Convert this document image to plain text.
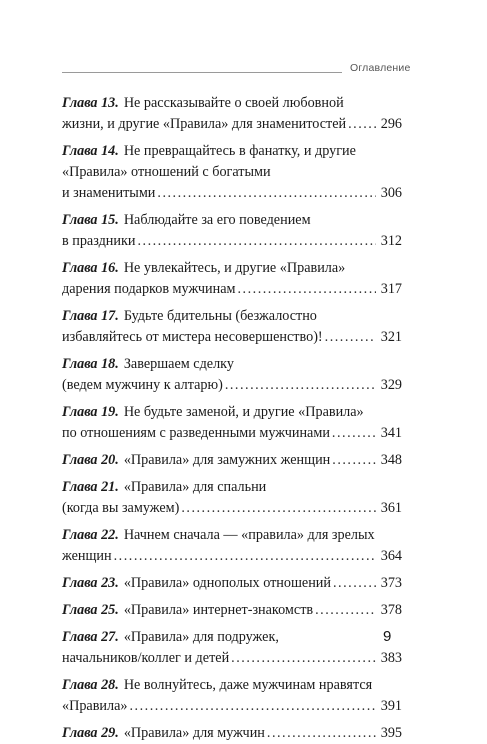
Оглавление
Глава 13. Не рассказывайте о своей любовной
жизни, и другие «Правила» для знаменитостей ..... 296
Глава 14. Не превращайтесь в фанатку, и другие
«Правила» отношений с богатыми
и знаменитыми .....	306
Глава 15. Наблюдайте за его поведением
в праздники .....	312
Глава 16. Не увлекайтесь, и другие «Правила»
дарения подарков мужчинам .....	317
Глава 17. Будьте бдительны (безжалостно
избавляйтесь от мистера несовершенство)! .....	321
Глава 18. Завершаем сделку
(ведем мужчину к алтарю) .....	329
Глава 19. Не будьте заменой, и другие «Правила»
по отношениям с разведенными мужчинами .....	341
Глава 20. «Правила» для замужних женщин .....	348
Глава 21. «Правила» для спальни
(когда вы замужем) .....	361
Глава 22. Начнем сначала — «правила» для зрелых
женщин .....	364
Глава 23. «Правила» однополых отношений .....	373
Глава 25. «Правила» интернет-знакомств .....	378
Глава 27. «Правила» для подружек,
начальников/коллег и детей .....	383
Глава 28. Не волнуйтесь, даже мужчинам нравятся
«Правила» .....	391
Глава 29. «Правила» для мужчин .....	395
9
